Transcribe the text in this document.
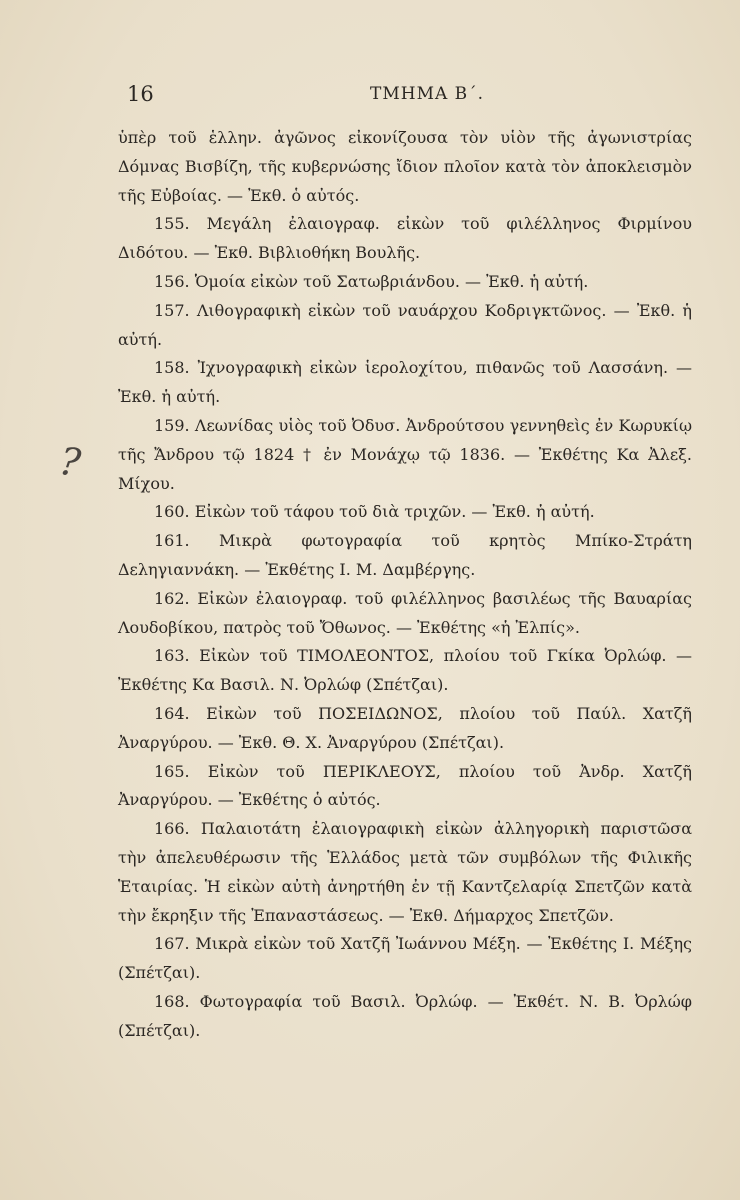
16	ΤΜΗΜΑ Β΄.
?

ὑπὲρ τοῦ ἑλλην. ἀγῶνος εἰκονίζουσα τὸν υἱὸν τῆς ἀγωνιστρίας Δόμνας Βισβίζη, τῆς κυβερνώσης ἴδιον πλοῖον κατὰ τὸν ἀποκλεισμὸν τῆς Εὐβοίας. — Ἐκθ. ὁ αὐτός.

155. Μεγάλη ἐλαιογραφ. εἰκὼν τοῦ φιλέλληνος Φιρμίνου Διδότου. — Ἐκθ. Βιβλιοθήκη Βουλῆς.

156. Ὁμοία εἰκὼν τοῦ Σατωβριάνδου. — Ἐκθ. ἡ αὐτή.

157. Λιθογραφικὴ εἰκὼν τοῦ ναυάρχου Κοδριγκτῶνος. — Ἐκθ. ἡ αὐτή.

158. Ἰχνογραφικὴ εἰκὼν ἱερολοχίτου, πιθανῶς τοῦ Λασσάνη. — Ἐκθ. ἡ αὐτή.

159. Λεωνίδας υἱὸς τοῦ Ὀδυσ. Ἀνδρούτσου γεννηθεὶς ἐν Κωρυκίῳ τῆς Ἄνδρου τῷ 1824 † ἐν Μονάχῳ τῷ 1836. — Ἐκθέτης Κα Ἀλεξ. Μίχου.

160. Εἰκὼν τοῦ τάφου τοῦ διὰ τριχῶν. — Ἐκθ. ἡ αὐτή.

161. Μικρὰ φωτογραφία τοῦ κρητὸς Μπίκο-Στράτη Δεληγιαννάκη. — Ἐκθέτης Ι. Μ. Δαμβέργης.

162. Εἰκὼν ἐλαιογραφ. τοῦ φιλέλληνος βασιλέως τῆς Βαυαρίας Λουδοβίκου, πατρὸς τοῦ Ὄθωνος. — Ἐκθέτης «ἡ Ἐλπίς».

163. Εἰκὼν τοῦ ΤΙΜΟΛΕΟΝΤΟΣ, πλοίου τοῦ Γκίκα Ὀρλώφ. — Ἐκθέτης Κα Βασιλ. Ν. Ὀρλώφ (Σπέτζαι).

164. Εἰκὼν τοῦ ΠΟΣΕΙΔΩΝΟΣ, πλοίου τοῦ Παύλ. Χατζῆ Ἀναργύρου. — Ἐκθ. Θ. Χ. Ἀναργύρου (Σπέτζαι).

165. Εἰκὼν τοῦ ΠΕΡΙΚΛΕΟΥΣ, πλοίου τοῦ Ἀνδρ. Χατζῆ Ἀναργύρου. — Ἐκθέτης ὁ αὐτός.

166. Παλαιοτάτη ἐλαιογραφικὴ εἰκὼν ἀλληγορικὴ παριστῶσα τὴν ἀπελευθέρωσιν τῆς Ἑλλάδος μετὰ τῶν συμβόλων τῆς Φιλικῆς Ἑταιρίας. Ἡ εἰκὼν αὐτὴ ἀνηρτήθη ἐν τῇ Καντζελαρίᾳ Σπετζῶν κατὰ τὴν ἔκρηξιν τῆς Ἐπαναστάσεως. — Ἐκθ. Δήμαρχος Σπετζῶν.

167. Μικρὰ εἰκὼν τοῦ Χατζῆ Ἰωάννου Μέξη. — Ἐκθέτης Ι. Μέξης (Σπέτζαι).

168. Φωτογραφία τοῦ Βασιλ. Ὀρλώφ. — Ἐκθέτ. Ν. Β. Ὀρλώφ (Σπέτζαι).
